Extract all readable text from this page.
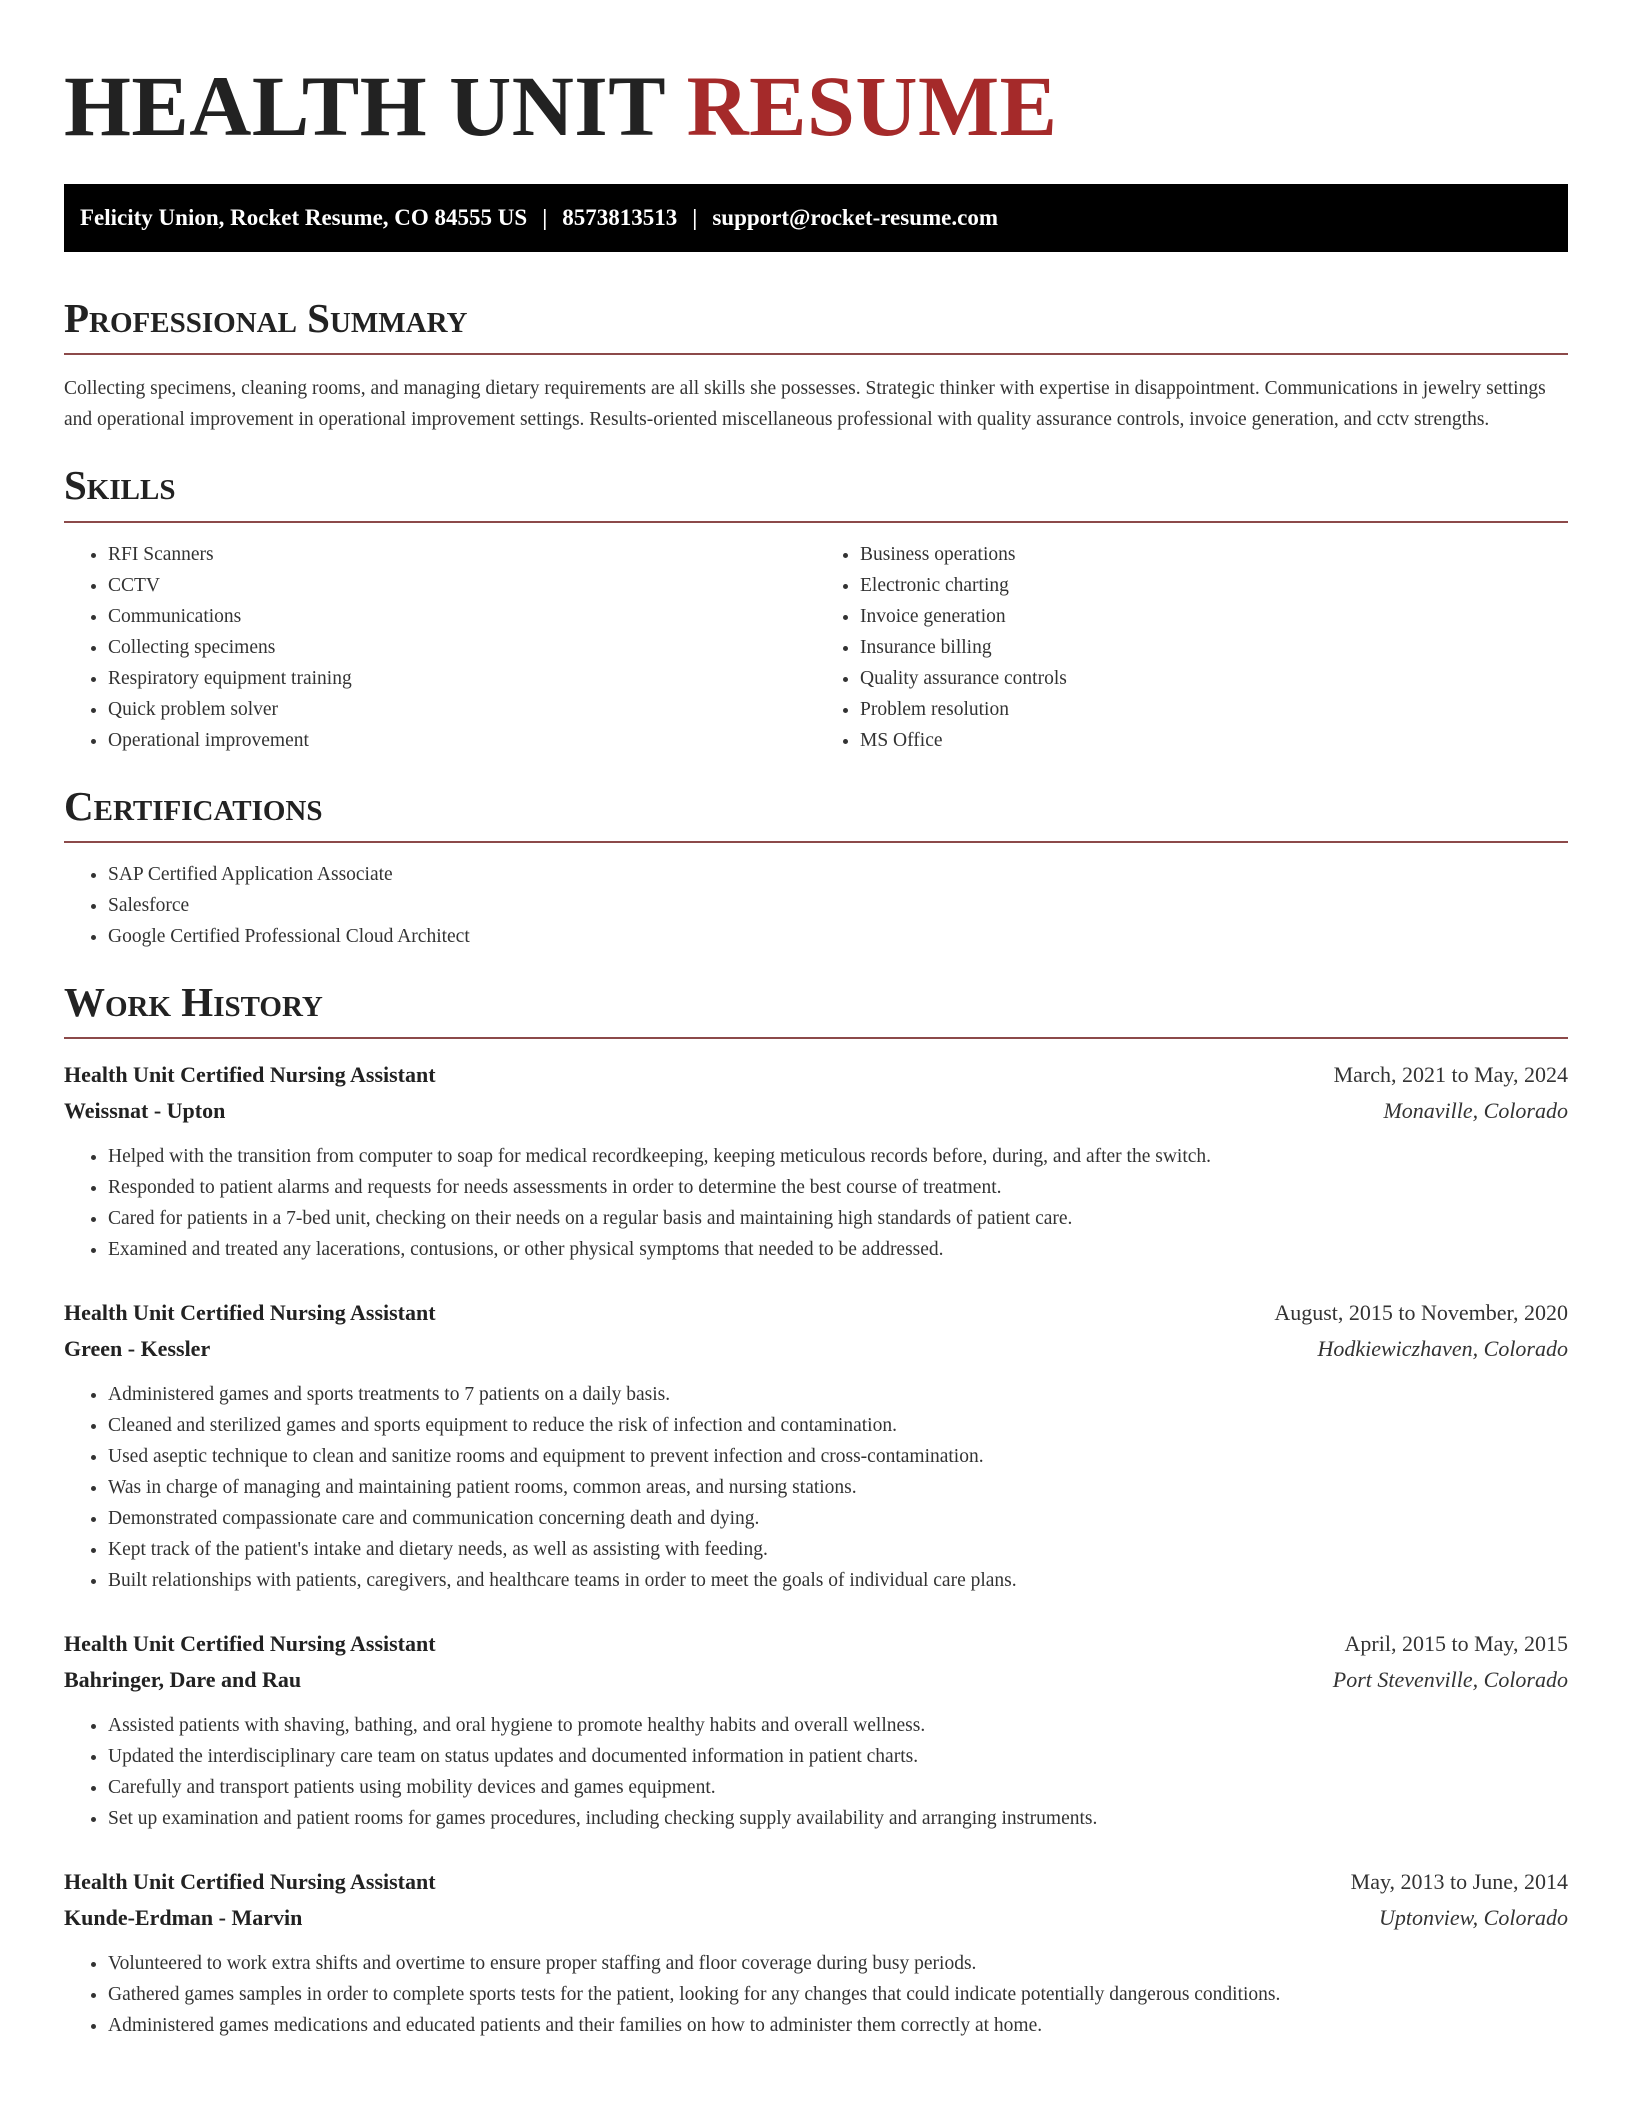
HEALTH UNIT RESUME
Felicity Union, Rocket Resume, CO 84555 US | 8573813513 | support@rocket-resume.com
Professional Summary

Collecting specimens, cleaning rooms, and managing dietary requirements are all skills she possesses. Strategic thinker with expertise in disappointment. Communications in jewelry settings and operational improvement in operational improvement settings. Results-oriented miscellaneous professional with quality assurance controls, invoice generation, and cctv strengths.

Skills
• RFI Scanners
• CCTV
• Communications
• Collecting specimens
• Respiratory equipment training
• Quick problem solver
• Operational improvement
• Business operations
• Electronic charting
• Invoice generation
• Insurance billing
• Quality assurance controls
• Problem resolution
• MS Office
Certifications
• SAP Certified Application Associate
• Salesforce
• Google Certified Professional Cloud Architect
Work History
Health Unit Certified Nursing Assistant	March, 2021 to May, 2024
Weissnat - Upton	Monaville, Colorado
• Helped with the transition from computer to soap for medical recordkeeping, keeping meticulous records before, during, and after the switch.
• Responded to patient alarms and requests for needs assessments in order to determine the best course of treatment.
• Cared for patients in a 7-bed unit, checking on their needs on a regular basis and maintaining high standards of patient care.
• Examined and treated any lacerations, contusions, or other physical symptoms that needed to be addressed.
Health Unit Certified Nursing Assistant	August, 2015 to November, 2020
Green - Kessler	Hodkiewiczhaven, Colorado
• Administered games and sports treatments to 7 patients on a daily basis.
• Cleaned and sterilized games and sports equipment to reduce the risk of infection and contamination.
• Used aseptic technique to clean and sanitize rooms and equipment to prevent infection and cross-contamination.
• Was in charge of managing and maintaining patient rooms, common areas, and nursing stations.
• Demonstrated compassionate care and communication concerning death and dying.
• Kept track of the patient's intake and dietary needs, as well as assisting with feeding.
• Built relationships with patients, caregivers, and healthcare teams in order to meet the goals of individual care plans.
Health Unit Certified Nursing Assistant	April, 2015 to May, 2015
Bahringer, Dare and Rau	Port Stevenville, Colorado
• Assisted patients with shaving, bathing, and oral hygiene to promote healthy habits and overall wellness.
• Updated the interdisciplinary care team on status updates and documented information in patient charts.
• Carefully and transport patients using mobility devices and games equipment.
• Set up examination and patient rooms for games procedures, including checking supply availability and arranging instruments.
Health Unit Certified Nursing Assistant	May, 2013 to June, 2014
Kunde-Erdman - Marvin	Uptonview, Colorado
• Volunteered to work extra shifts and overtime to ensure proper staffing and floor coverage during busy periods.
• Gathered games samples in order to complete sports tests for the patient, looking for any changes that could indicate potentially dangerous conditions.
• Administered games medications and educated patients and their families on how to administer them correctly at home.
